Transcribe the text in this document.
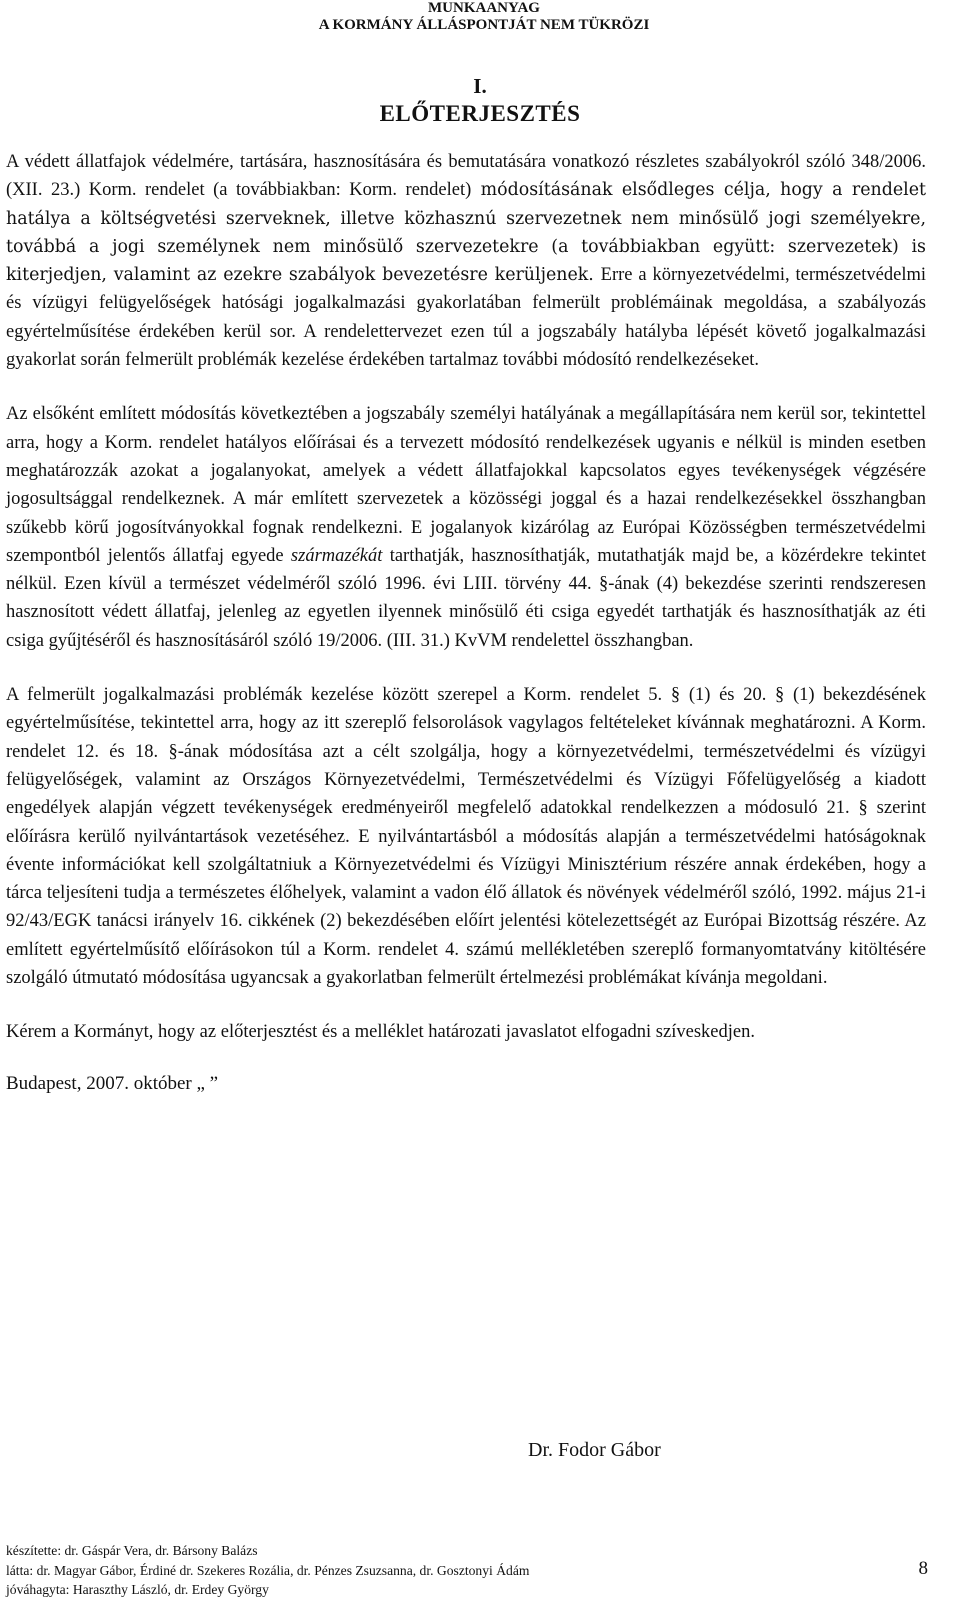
MUNKAANYAG
A KORMÁNY ÁLLÁSPONTJÁT NEM TÜKRÖZI
I.
ELŐTERJESZTÉS

A védett állatfajok védelmére, tartására, hasznosítására és bemutatására vonatkozó részletes szabályokról szóló 348/2006. (XII. 23.) Korm. rendelet (a továbbiakban: Korm. rendelet) módosításának elsődleges célja, hogy a rendelet hatálya a költségvetési szerveknek, illetve közhasznú szervezetnek nem minősülő jogi személyekre, továbbá a jogi személynek nem minősülő szervezetekre (a továbbiakban együtt: szervezetek) is kiterjedjen, valamint az ezekre szabályok bevezetésre kerüljenek. Erre a környezetvédelmi, természetvédelmi és vízügyi felügyelőségek hatósági jogalkalmazási gyakorlatában felmerült problémáinak megoldása, a szabályozás egyértelműsítése érdekében kerül sor. A rendelettervezet ezen túl a jogszabály hatályba lépését követő jogalkalmazási gyakorlat során felmerült problémák kezelése érdekében tartalmaz további módosító rendelkezéseket.

Az elsőként említett módosítás következtében a jogszabály személyi hatályának a megállapítására nem kerül sor, tekintettel arra, hogy a Korm. rendelet hatályos előírásai és a tervezett módosító rendelkezések ugyanis e nélkül is minden esetben meghatározzák azokat a jogalanyokat, amelyek a védett állatfajokkal kapcsolatos egyes tevékenységek végzésére jogosultsággal rendelkeznek. A már említett szervezetek a közösségi joggal és a hazai rendelkezésekkel összhangban szűkebb körű jogosítványokkal fognak rendelkezni. E jogalanyok kizárólag az Európai Közösségben természetvédelmi szempontból jelentős állatfaj egyede származékát tarthatják, hasznosíthatják, mutathatják majd be, a közérdekre tekintet nélkül. Ezen kívül a természet védelméről szóló 1996. évi LIII. törvény 44. §-ának (4) bekezdése szerinti rendszeresen hasznosított védett állatfaj, jelenleg az egyetlen ilyennek minősülő éti csiga egyedét tarthatják és hasznosíthatják az éti csiga gyűjtéséről és hasznosításáról szóló 19/2006. (III. 31.) KvVM rendelettel összhangban.

A felmerült jogalkalmazási problémák kezelése között szerepel a Korm. rendelet 5. § (1) és 20. § (1) bekezdésének egyértelműsítése, tekintettel arra, hogy az itt szereplő felsorolások vagylagos feltételeket kívánnak meghatározni. A Korm. rendelet 12. és 18. §-ának módosítása azt a célt szolgálja, hogy a környezetvédelmi, természetvédelmi és vízügyi felügyelőségek, valamint az Országos Környezetvédelmi, Természetvédelmi és Vízügyi Főfelügyelőség a kiadott engedélyek alapján végzett tevékenységek eredményeiről megfelelő adatokkal rendelkezzen a módosuló 21. § szerint előírásra kerülő nyilvántartások vezetéséhez. E nyilvántartásból a módosítás alapján a természetvédelmi hatóságoknak évente információkat kell szolgáltatniuk a Környezetvédelmi és Vízügyi Minisztérium részére annak érdekében, hogy a tárca teljesíteni tudja a természetes élőhelyek, valamint a vadon élő állatok és növények védelméről szóló, 1992. május 21-i 92/43/EGK tanácsi irányelv 16. cikkének (2) bekezdésében előírt jelentési kötelezettségét az Európai Bizottság részére. Az említett egyértelműsítő előírásokon túl a Korm. rendelet 4. számú mellékletében szereplő formanyomtatvány kitöltésére szolgáló útmutató módosítása ugyancsak a gyakorlatban felmerült értelmezési problémákat kívánja megoldani.

Kérem a Kormányt, hogy az előterjesztést és a melléklet határozati javaslatot elfogadni szíveskedjen.

Budapest, 2007. október „ ”
Dr. Fodor Gábor
készítette: dr. Gáspár Vera, dr. Bársony Balázs
látta: dr. Magyar Gábor, Érdiné dr. Szekeres Rozália, dr. Pénzes Zsuzsanna, dr. Gosztonyi Ádám
jóváhagyta: Haraszthy László, dr. Erdey György
8
